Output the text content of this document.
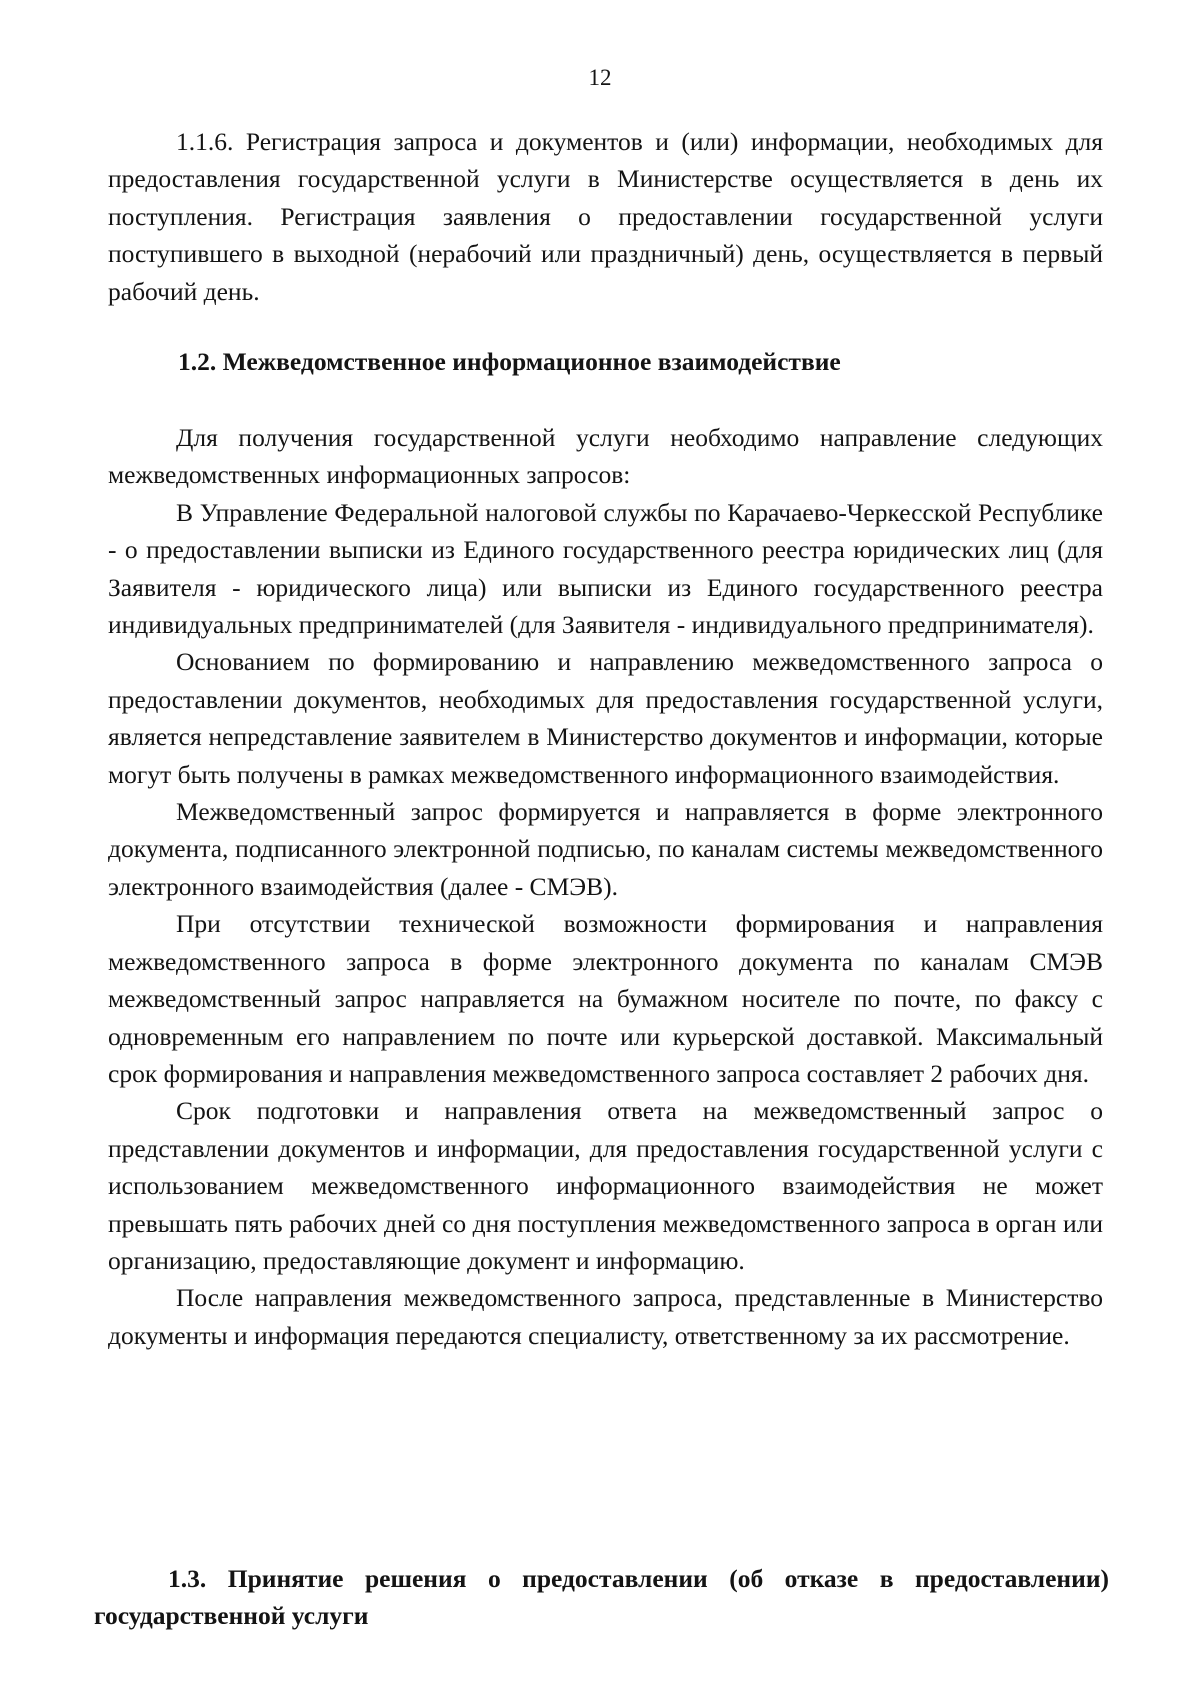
12

1.1.6. Регистрация запроса и документов и (или) информации, необходимых для предоставления государственной услуги в Министерстве осуществляется в день их поступления. Регистрация заявления о предоставлении государственной услуги поступившего в выходной (нерабочий или праздничный) день, осуществляется в первый рабочий день.

1.2. Межведомственное информационное взаимодействие

Для получения государственной услуги необходимо направление следующих межведомственных информационных запросов:

В Управление Федеральной налоговой службы по Карачаево-Черкесской Республике - о предоставлении выписки из Единого государственного реестра юридических лиц (для Заявителя - юридического лица) или выписки из Единого государственного реестра индивидуальных предпринимателей (для Заявителя - индивидуального предпринимателя).

Основанием по формированию и направлению межведомственного запроса о предоставлении документов, необходимых для предоставления государственной услуги, является непредставление заявителем в Министерство документов и информации, которые могут быть получены в рамках межведомственного информационного взаимодействия.

Межведомственный запрос формируется и направляется в форме электронного документа, подписанного электронной подписью, по каналам системы межведомственного электронного взаимодействия (далее - СМЭВ).

При отсутствии технической возможности формирования и направления межведомственного запроса в форме электронного документа по каналам СМЭВ межведомственный запрос направляется на бумажном носителе по почте, по факсу с одновременным его направлением по почте или курьерской доставкой. Максимальный срок формирования и направления межведомственного запроса составляет 2 рабочих дня.

Срок подготовки и направления ответа на межведомственный запрос о представлении документов и информации, для предоставления государственной услуги с использованием межведомственного информационного взаимодействия не может превышать пять рабочих дней со дня поступления межведомственного запроса в орган или организацию, предоставляющие документ и информацию.

После направления межведомственного запроса, представленные в Министерство документы и информация передаются специалисту, ответственному за их рассмотрение.

1.3. Принятие решения о предоставлении (об отказе в предоставлении) государственной услуги
